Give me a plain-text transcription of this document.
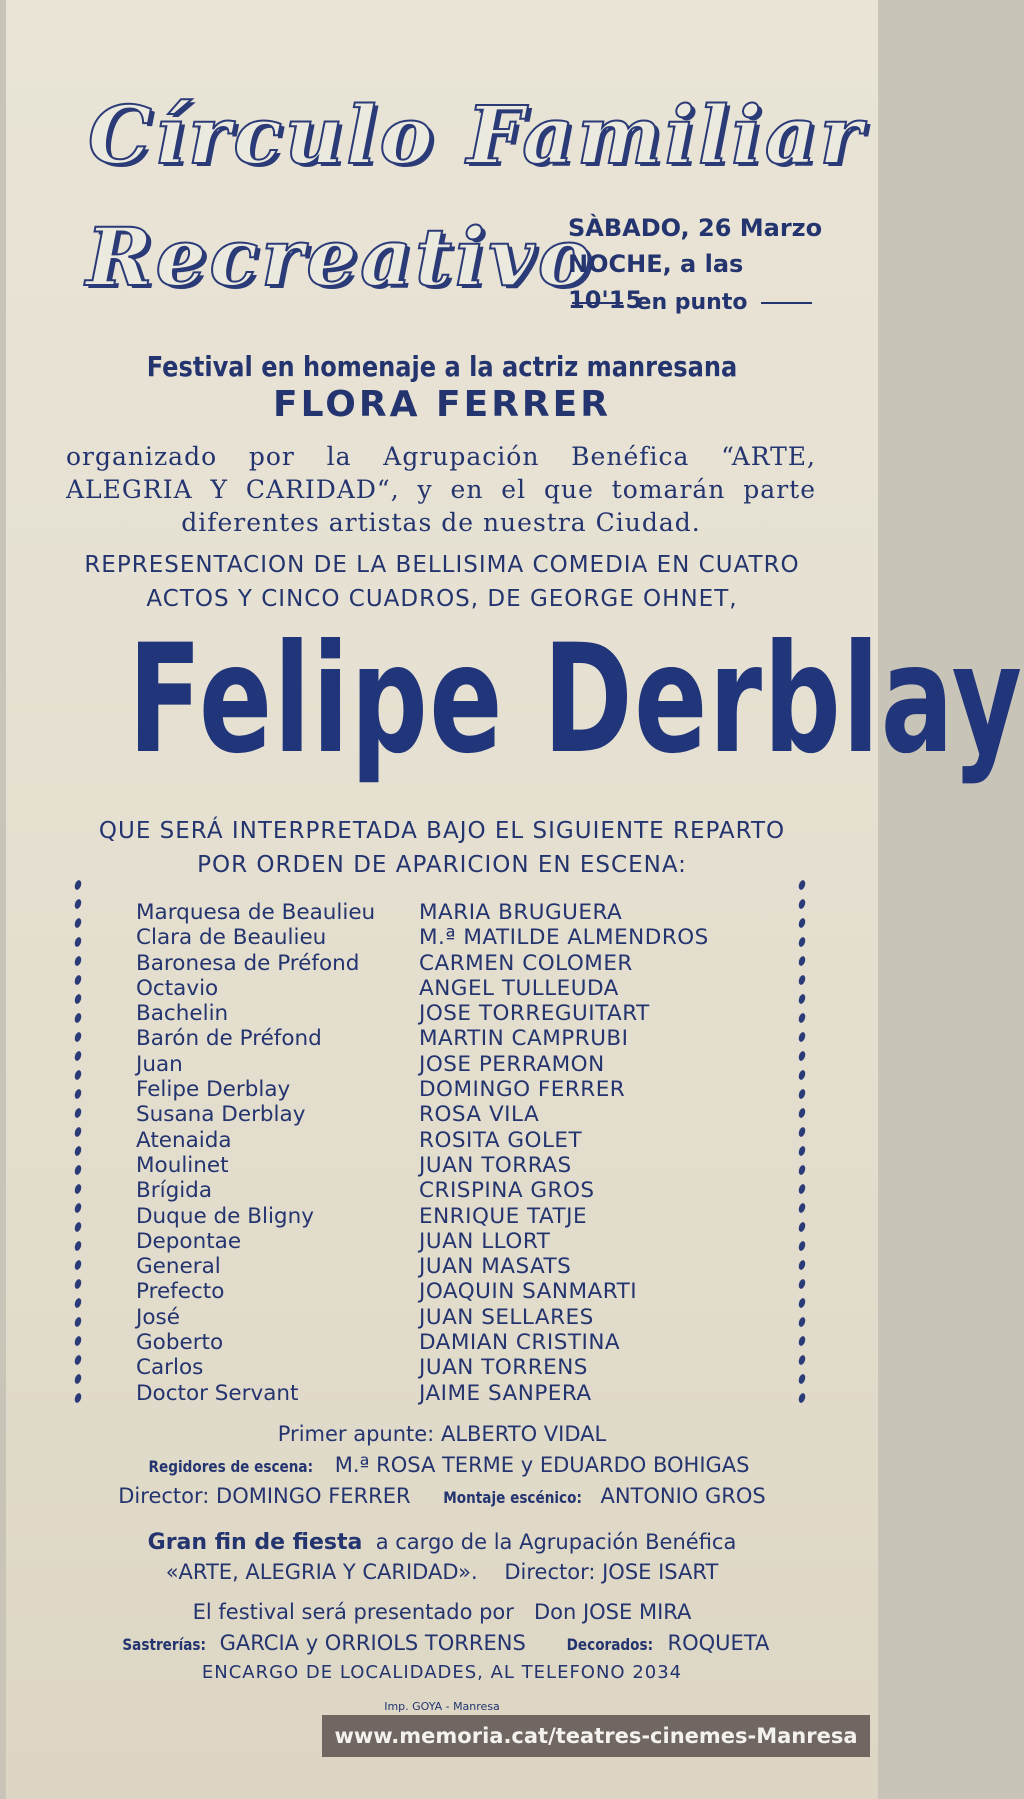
Círculo Familiar
Recreativo
SÀBADO, 26 Marzo
NOCHE, a las 10'15
en punto
Festival en homenaje a la actriz manresana
FLORA FERRER
organizado por la Agrupación Benéfica “ARTE, ALEGRIA Y CARIDAD“, y en el que tomarán parte diferentes artistas de nuestra Ciudad.
REPRESENTACION DE LA BELLISIMA COMEDIA EN CUATRO
ACTOS Y CINCO CUADROS, DE GEORGE OHNET,
Felipe Derblay
QUE SERÁ INTERPRETADA BAJO EL SIGUIENTE REPARTO
POR ORDEN DE APARICION EN ESCENA:
Marquesa de Beaulieu	MARIA BRUGUERA
Clara de Beaulieu	M.ª MATILDE ALMENDROS
Baronesa de Préfond	CARMEN COLOMER
Octavio	ANGEL TULLEUDA
Bachelin	JOSE TORREGUITART
Barón de Préfond	MARTIN CAMPRUBI
Juan	JOSE PERRAMON
Felipe Derblay	DOMINGO FERRER
Susana Derblay	ROSA VILA
Atenaida	ROSITA GOLET
Moulinet	JUAN TORRAS
Brígida	CRISPINA GROS
Duque de Bligny	ENRIQUE TATJE
Depontae	JUAN LLORT
General	JUAN MASATS
Prefecto	JOAQUIN SANMARTI
José	JUAN SELLARES
Goberto	DAMIAN CRISTINA
Carlos	JUAN TORRENS
Doctor Servant	JAIME SANPERA
Primer apunte: ALBERTO VIDAL
Regidores de escena: M.ª ROSA TERME y EDUARDO BOHIGAS
Director: DOMINGO FERRER Montaje escénico: ANTONIO GROS
Gran fin de fiesta a cargo de la Agrupación Benéfica
«ARTE, ALEGRIA Y CARIDAD». Director: JOSE ISART
El festival será presentado por Don JOSE MIRA
Sastrerías: GARCIA y ORRIOLS TORRENS	Decorados: ROQUETA
ENCARGO DE LOCALIDADES, AL TELEFONO 2034
Imp. GOYA - Manresa
www.memoria.cat/teatres-cinemes-Manresa
